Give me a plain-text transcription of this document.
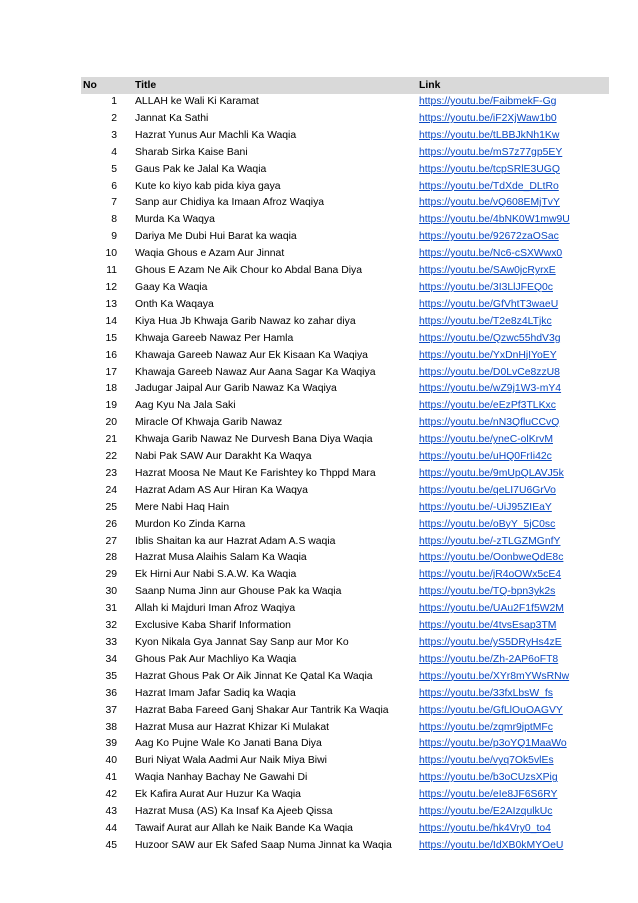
No	Title	Link
1	ALLAH ke Wali Ki Karamat	https://youtu.be/FaibmekF-Gg
2	Jannat Ka Sathi	https://youtu.be/iF2XjWaw1b0
3	Hazrat Yunus Aur Machli Ka Waqia	https://youtu.be/tLBBJkNh1Kw
4	Sharab Sirka Kaise Bani	https://youtu.be/mS7z77gp5EY
5	Gaus Pak ke Jalal Ka Waqia	https://youtu.be/tcpSRlE3UGQ
6	Kute ko kiyo kab pida kiya gaya	https://youtu.be/TdXde_DLtRo
7	Sanp aur Chidiya ka Imaan Afroz Waqiya	https://youtu.be/vQ608EMjTvY
8	Murda Ka Waqya	https://youtu.be/4bNK0W1mw9U
9	Dariya Me Dubi Hui Barat ka waqia	https://youtu.be/92672zaOSac
10	Waqia Ghous e Azam Aur Jinnat	https://youtu.be/Nc6-cSXWwx0
11	Ghous E Azam Ne Aik Chour ko Abdal Bana Diya	https://youtu.be/SAw0jcRyrxE
12	Gaay Ka Waqia	https://youtu.be/3I3LlJFEQ0c
13	Onth Ka Waqaya	https://youtu.be/GfVhtT3waeU
14	Kiya Hua Jb Khwaja Garib Nawaz ko zahar diya	https://youtu.be/T2e8z4LTjkc
15	Khwaja Gareeb Nawaz Per Hamla	https://youtu.be/Qzwc55hdV3g
16	Khawaja Gareeb Nawaz Aur Ek Kisaan Ka Waqiya	https://youtu.be/YxDnHjIYoEY
17	Khawaja Gareeb Nawaz Aur Aana Sagar Ka Waqiya	https://youtu.be/D0LvCe8zzU8
18	Jadugar Jaipal Aur Garib Nawaz Ka Waqiya	https://youtu.be/wZ9j1W3-mY4
19	Aag Kyu Na Jala Saki	https://youtu.be/eEzPf3TLKxc
20	Miracle Of Khwaja Garib Nawaz	https://youtu.be/nN3QfluCCvQ
21	Khwaja Garib Nawaz Ne Durvesh Bana Diya Waqia	https://youtu.be/yneC-olKrvM
22	Nabi Pak SAW Aur Darakht Ka Waqya	https://youtu.be/uHQ0FrIi42c
23	Hazrat Moosa Ne Maut Ke Farishtey ko Thppd Mara	https://youtu.be/9mUpQLAVJ5k
24	Hazrat Adam AS Aur Hiran Ka Waqya	https://youtu.be/qeLI7U6GrVo
25	Mere Nabi Haq Hain	https://youtu.be/-UiJ95ZIEaY
26	Murdon Ko Zinda Karna	https://youtu.be/oByY_5jC0sc
27	Iblis Shaitan ka aur Hazrat Adam A.S waqia	https://youtu.be/-zTLGZMGnfY
28	Hazrat Musa Alaihis Salam Ka Waqia	https://youtu.be/OonbweQdE8c
29	Ek Hirni Aur Nabi S.A.W. Ka Waqia	https://youtu.be/jR4oOWx5cE4
30	Saanp Numa Jinn aur Ghouse Pak ka Waqia	https://youtu.be/TQ-bpn3yk2s
31	Allah ki Majduri Iman Afroz Waqiya	https://youtu.be/UAu2F1f5W2M
32	Exclusive Kaba Sharif Information	https://youtu.be/4tvsEsap3TM
33	Kyon Nikala Gya Jannat Say Sanp aur Mor Ko	https://youtu.be/yS5DRyHs4zE
34	Ghous Pak Aur Machliyo Ka Waqia	https://youtu.be/Zh-2AP6oFT8
35	Hazrat Ghous Pak Or Aik Jinnat Ke Qatal Ka Waqia	https://youtu.be/XYr8mYWsRNw
36	Hazrat Imam Jafar Sadiq ka Waqia	https://youtu.be/33fxLbsW_fs
37	Hazrat Baba Fareed Ganj Shakar Aur Tantrik Ka Waqia	https://youtu.be/GfLlOuOAGVY
38	Hazrat Musa aur Hazrat Khizar Ki Mulakat	https://youtu.be/zqmr9jptMFc
39	Aag Ko Pujne Wale Ko Janati Bana Diya	https://youtu.be/p3oYQ1MaaWo
40	Buri Niyat Wala Aadmi Aur Naik Miya Biwi	https://youtu.be/vyq7Ok5vlEs
41	Waqia Nanhay Bachay Ne Gawahi Di	https://youtu.be/b3oCUzsXPig
42	Ek Kafira Aurat Aur Huzur Ka Waqia	https://youtu.be/eIe8JF6S6RY
43	Hazrat Musa (AS) Ka Insaf Ka Ajeeb Qissa	https://youtu.be/E2AIzqulkUc
44	Tawaif Aurat aur Allah ke Naik Bande Ka Waqia	https://youtu.be/hk4Vry0_to4
45	Huzoor SAW aur Ek Safed Saap Numa Jinnat ka Waqia	https://youtu.be/IdXB0kMYOeU
